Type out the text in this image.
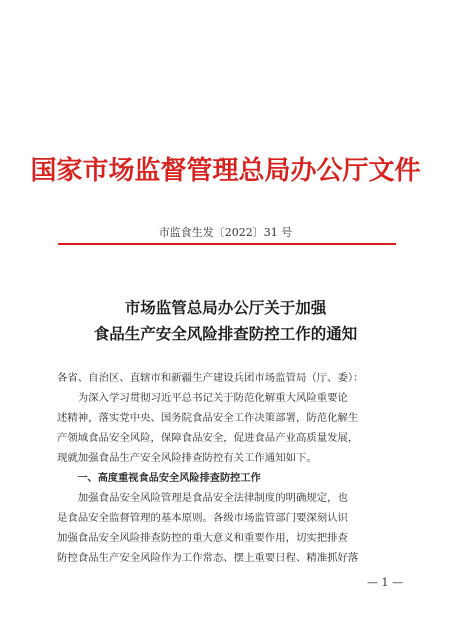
国家市场监督管理总局办公厅文件
市监食生发〔2022〕31 号
市场监管总局办公厅关于加强
食品生产安全风险排查防控工作的通知
各省、自治区、直辖市和新疆生产建设兵团市场监管局（厅、委）：
　　为深入学习贯彻习近平总书记关于防范化解重大风险重要论
述精神，落实党中央、国务院食品安全工作决策部署，防范化解生
产领域食品安全风险，保障食品安全，促进食品产业高质量发展，
现就加强食品生产安全风险排查防控有关工作通知如下。
　　一、高度重视食品安全风险排查防控工作
　　加强食品安全风险管理是食品安全法律制度的明确规定，也
是食品安全监督管理的基本原则。各级市场监管部门要深刻认识
加强食品安全风险排查防控的重大意义和重要作用，切实把排查
防控食品生产安全风险作为工作常态、摆上重要日程、精准抓好落
— 1 —
